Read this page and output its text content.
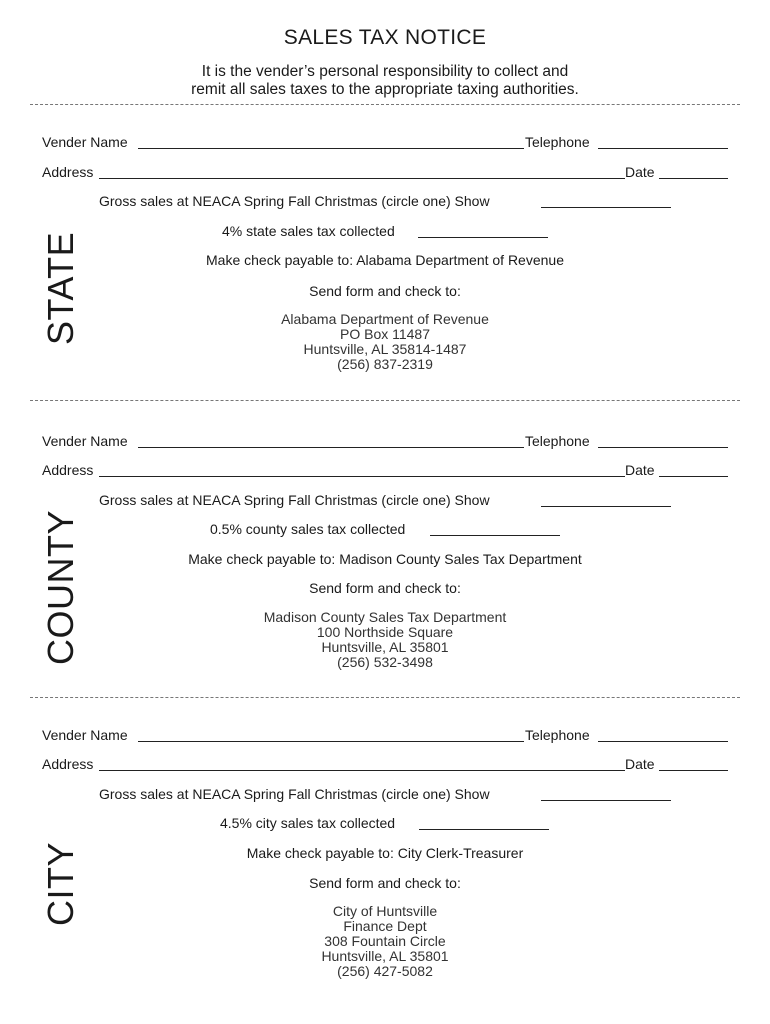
SALES TAX NOTICE
It is the vender’s personal responsibility to collect and
remit all sales taxes to the appropriate taxing authorities.
STATE
Vender Name	Telephone
Address	Date
Gross sales at NEACA Spring Fall Christmas (circle one) Show
4% state sales tax collected
Make check payable to: Alabama Department of Revenue
Send form and check to:
Alabama Department of Revenue
PO Box 11487
Huntsville, AL 35814-1487
(256) 837-2319
COUNTY
Vender Name	Telephone
Address	Date
Gross sales at NEACA Spring Fall Christmas (circle one) Show
0.5% county sales tax collected
Make check payable to: Madison County Sales Tax Department
Send form and check to:
Madison County Sales Tax Department
100 Northside Square
Huntsville, AL 35801
(256) 532-3498
CITY
Vender Name	Telephone
Address	Date
Gross sales at NEACA Spring Fall Christmas (circle one) Show
4.5% city sales tax collected
Make check payable to: City Clerk-Treasurer
Send form and check to:
City of Huntsville
Finance Dept
308 Fountain Circle
Huntsville, AL 35801
(256) 427-5082
